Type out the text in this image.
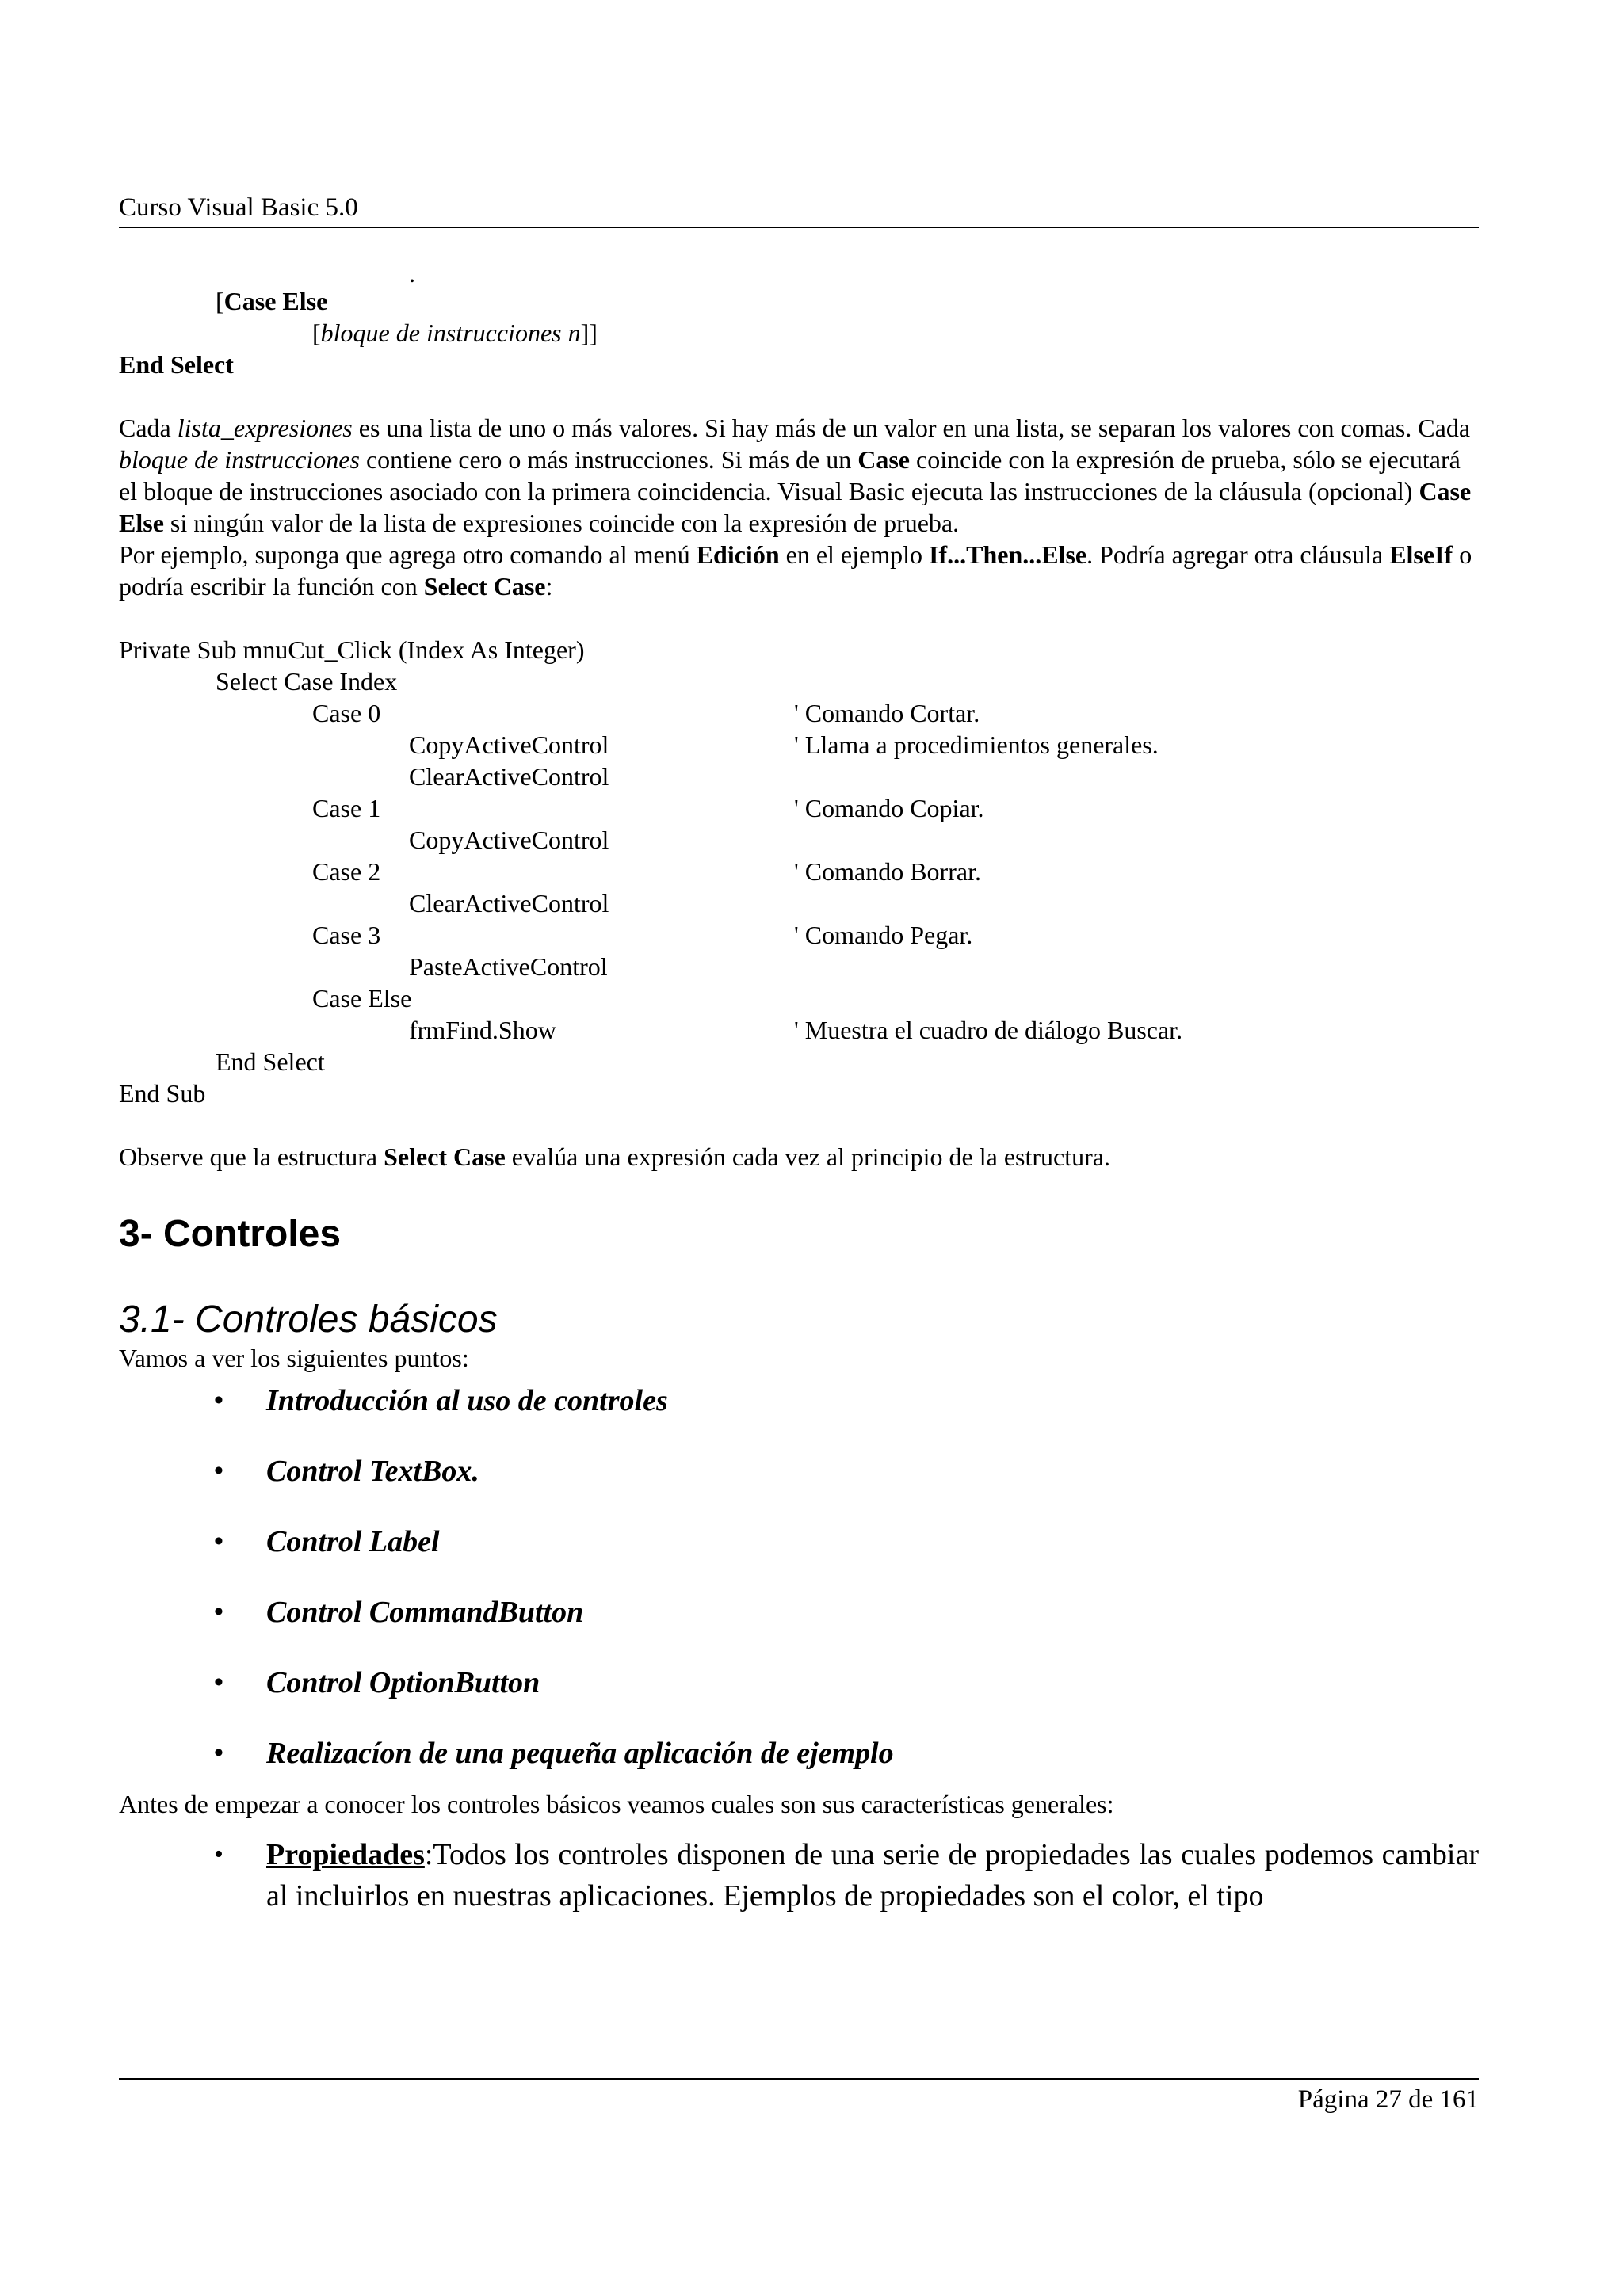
Curso Visual Basic 5.0
.
[Case Else
[bloque de instrucciones n]]
End Select

Cada lista_expresiones es una lista de uno o más valores. Si hay más de un valor en una lista, se separan los valores con comas. Cada bloque de instrucciones contiene cero o más instrucciones. Si más de un Case coincide con la expresión de prueba, sólo se ejecutará el bloque de instrucciones asociado con la primera coincidencia. Visual Basic ejecuta las instrucciones de la cláusula (opcional) Case Else si ningún valor de la lista de expresiones coincide con la expresión de prueba.

Por ejemplo, suponga que agrega otro comando al menú Edición en el ejemplo If...Then...Else. Podría agregar otra cláusula ElseIf o podría escribir la función con Select Case:

Private Sub mnuCut_Click (Index As Integer)
Select Case Index
Case 0	' Comando Cortar.
CopyActiveControl	' Llama a procedimientos generales.
ClearActiveControl
Case 1	' Comando Copiar.
CopyActiveControl
Case 2	' Comando Borrar.
ClearActiveControl
Case 3	' Comando Pegar.
PasteActiveControl
Case Else
frmFind.Show	' Muestra el cuadro de diálogo Buscar.
End Select
End Sub

Observe que la estructura Select Case evalúa una expresión cada vez al principio de la estructura.

3- Controles
3.1- Controles básicos
Vamos a ver los siguientes puntos:
• Introducción al uso de controles
• Control TextBox.
• Control Label
• Control CommandButton
• Control OptionButton
• Realizacíon de una pequeña aplicación de ejemplo

Antes de empezar a conocer los controles básicos veamos cuales son sus características generales:

• Propiedades:Todos los controles disponen de una serie de propiedades las cuales podemos cambiar al incluirlos en nuestras aplicaciones. Ejemplos de propiedades son el color, el tipo
Página 27 de 161
